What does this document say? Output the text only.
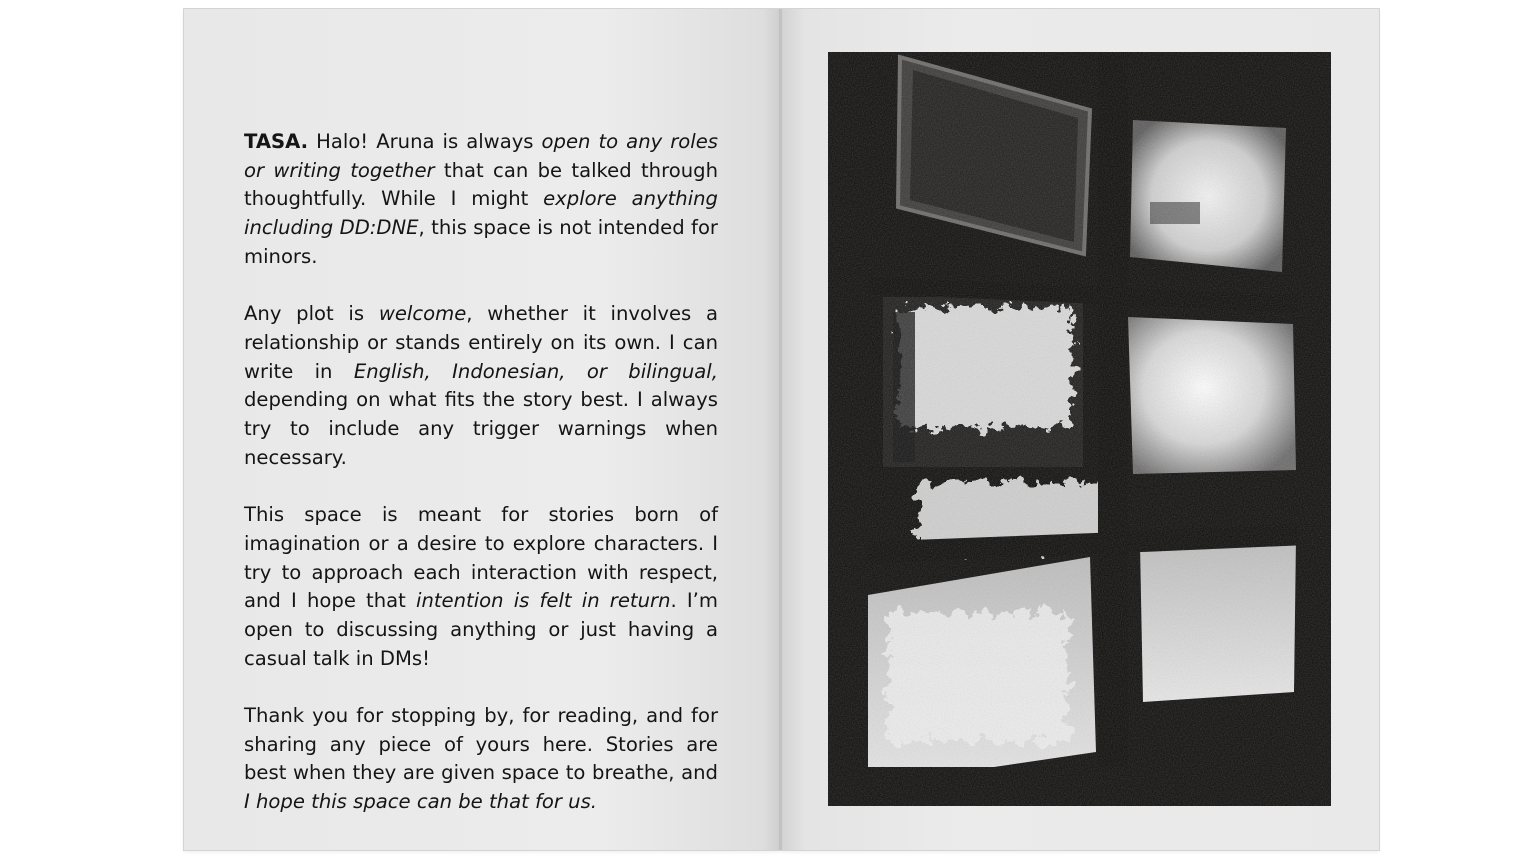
TASA. Halo! Aruna is always open to any roles or writing together that can be talked through thoughtfully. While I might explore anything including DD:DNE, this space is not intended for minors.

Any plot is welcome, whether it involves a relationship or stands entirely on its own. I can write in English, Indonesian, or bilingual, depending on what fits the story best. I always try to include any trigger warnings when necessary.

This space is meant for stories born of imagination or a desire to explore characters. I try to approach each interaction with respect, and I hope that intention is felt in return. I’m open to discussing anything or just having a casual talk in DMs!

Thank you for stopping by, for reading, and for sharing any piece of yours here. Stories are best when they are given space to breathe, and I hope this space can be that for us.
